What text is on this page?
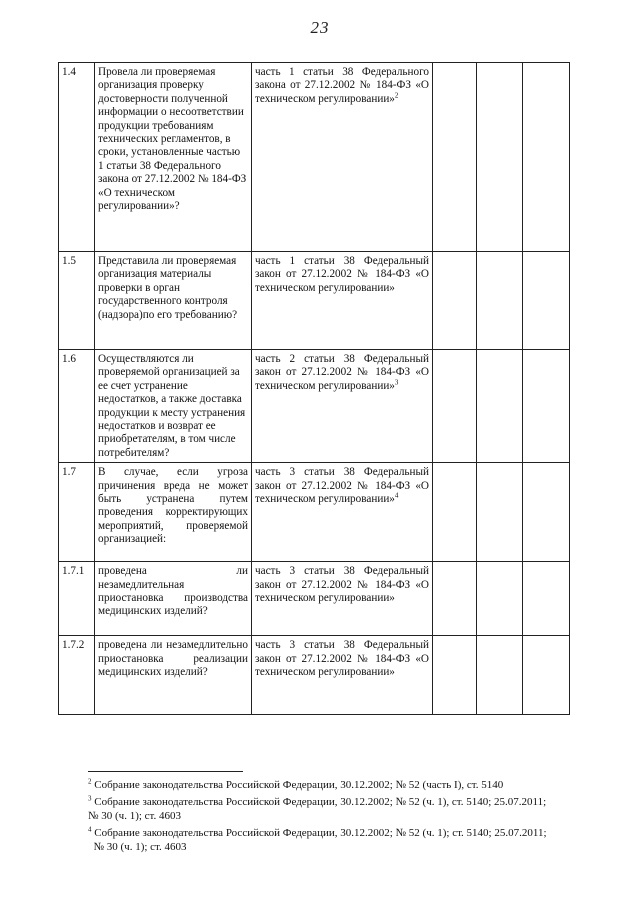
23
1.4	Провела ли проверяемая организация проверку достоверности полученной информации о несоответствии продукции требованиям технических регламентов, в сроки, установленные частью 1 статьи 38 Федерального закона от 27.12.2002 № 184-ФЗ «О техническом регулировании»?	часть 1 статьи 38 Федерального закона от 27.12.2002 № 184-ФЗ «О техническом регулировании»$^2$			
1.5	Представила ли проверяемая организация материалы проверки в орган государственного контроля (надзора)по его требованию?	часть 1 статьи 38 Федеральный закон от 27.12.2002 № 184-ФЗ «О техническом регулировании»			
1.6	Осуществляются ли проверяемой организацией за ее счет устранение недостатков, а также доставка продукции к месту устранения недостатков и возврат ее приобретателям, в том числе потребителям?	часть 2 статьи 38 Федеральный закон от 27.12.2002 № 184-ФЗ «О техническом регулировании»$^3$			
1.7	В случае, если угроза причинения вреда не может быть устранена путем проведения корректирующих мероприятий, проверяемой организацией:	часть 3 статьи 38 Федеральный закон от 27.12.2002 № 184-ФЗ «О техническом регулировании»$^4$			
1.7.1	проведена ли незамедлительная приостановка производства медицинских изделий?	часть 3 статьи 38 Федеральный закон от 27.12.2002 № 184-ФЗ «О техническом регулировании»			
1.7.2	проведена ли незамедлительно приостановка реализации медицинских изделий?	часть 3 статьи 38 Федеральный закон от 27.12.2002 № 184-ФЗ «О техническом регулировании»			

$^2$ Собрание законодательства Российской Федерации, 30.12.2002; № 52 (часть I), ст. 5140

$^3$ Собрание законодательства Российской Федерации, 30.12.2002; № 52 (ч. 1), ст. 5140; 25.07.2011;
№ 30 (ч. 1); ст. 4603

$^4$ Собрание законодательства Российской Федерации, 30.12.2002; № 52 (ч. 1); ст. 5140; 25.07.2011;
№ 30 (ч. 1); ст. 4603
